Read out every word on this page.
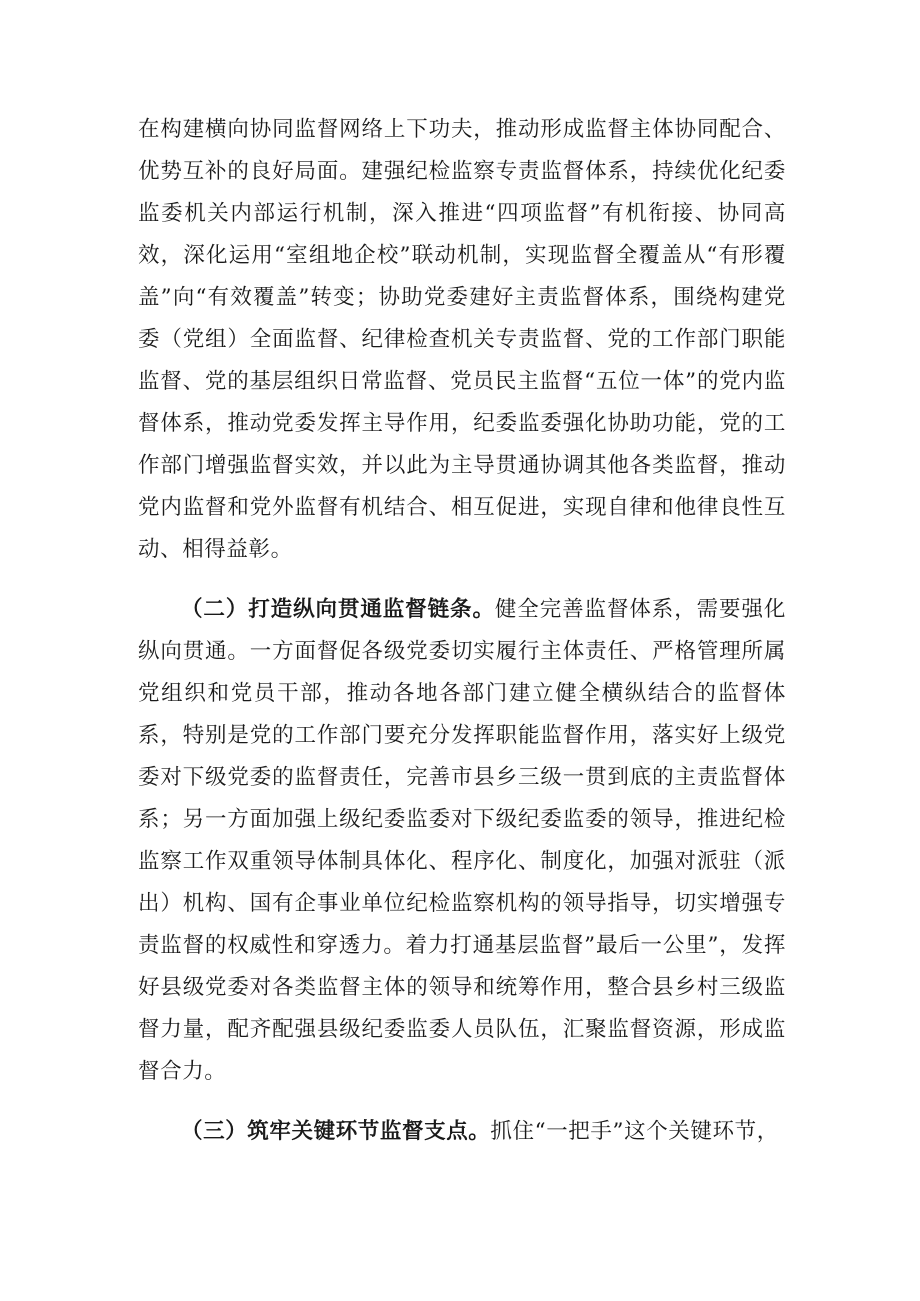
在构建横向协同监督网络上下功夫，推动形成监督主体协同配合、优势互补的良好局面。建强纪检监察专责监督体系，持续优化纪委监委机关内部运行机制，深入推进“四项监督”有机衔接、协同高效，深化运用“室组地企校”联动机制，实现监督全覆盖从“有形覆盖”向“有效覆盖”转变；协助党委建好主责监督体系，围绕构建党委（党组）全面监督、纪律检查机关专责监督、党的工作部门职能监督、党的基层组织日常监督、党员民主监督“五位一体”的党内监督体系，推动党委发挥主导作用，纪委监委强化协助功能，党的工作部门增强监督实效，并以此为主导贯通协调其他各类监督，推动党内监督和党外监督有机结合、相互促进，实现自律和他律良性互动、相得益彰。

（二）打造纵向贯通监督链条。健全完善监督体系，需要强化纵向贯通。一方面督促各级党委切实履行主体责任、严格管理所属党组织和党员干部，推动各地各部门建立健全横纵结合的监督体系，特别是党的工作部门要充分发挥职能监督作用，落实好上级党委对下级党委的监督责任，完善市县乡三级一贯到底的主责监督体系；另一方面加强上级纪委监委对下级纪委监委的领导，推进纪检监察工作双重领导体制具体化、程序化、制度化，加强对派驻（派出）机构、国有企事业单位纪检监察机构的领导指导，切实增强专责监督的权威性和穿透力。着力打通基层监督”最后一公里”，发挥好县级党委对各类监督主体的领导和统筹作用，整合县乡村三级监督力量，配齐配强县级纪委监委人员队伍，汇聚监督资源，形成监督合力。

（三）筑牢关键环节监督支点。抓住“一把手”这个关键环节，
